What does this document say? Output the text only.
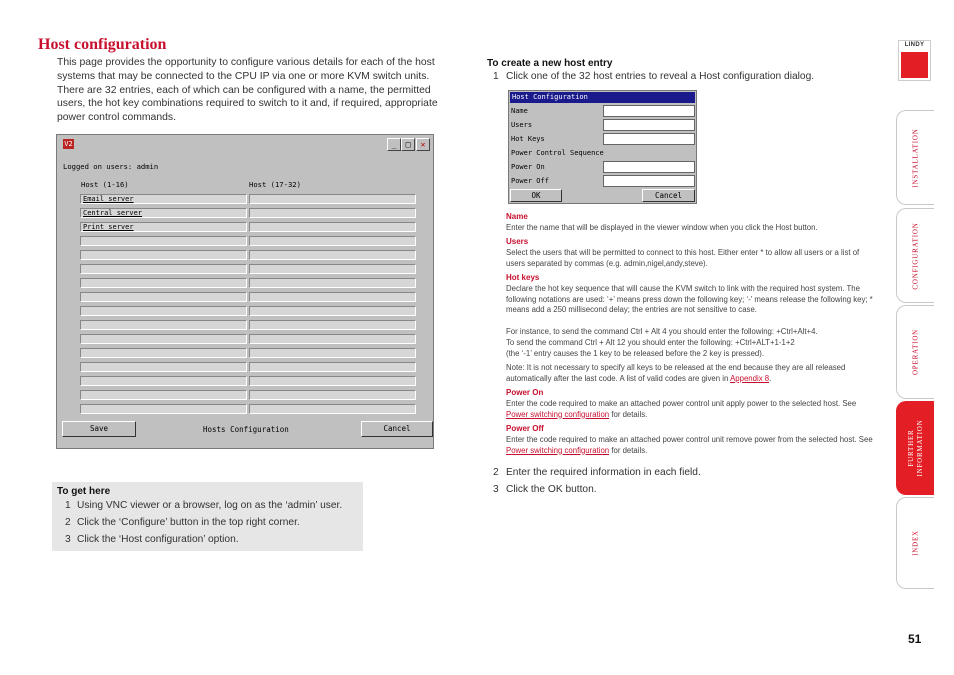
Host configuration
This page provides the opportunity to configure various details for each of the host systems that may be connected to the CPU IP via one or more KVM switch units. There are 32 entries, each of which can be configured with a name, the permitted users, the hot key combinations required to switch to it and, if required, appropriate power control commands.
V2	_	□	✕
Logged on users: admin
Host (1-16)	Host (17-32)
Email server
Central server
Print server
Save	Hosts Configuration	Cancel
To get here
1 Using VNC viewer or a browser, log on as the ‘admin’ user.
2 Click the ‘Configure’ button in the top right corner.
3 Click the ‘Host configuration’ option.
To create a new host entry
1 Click one of the 32 host entries to reveal a Host configuration dialog.
Host Configuration
Name
Users
Hot Keys
Power Control Sequence
Power On
Power Off
OK	Cancel
Name
Enter the name that will be displayed in the viewer window when you click the Host button.
Users
Select the users that will be permitted to connect to this host. Either enter * to allow all users or a list of users separated by commas (e.g. admin,nigel,andy,steve).
Hot keys
Declare the hot key sequence that will cause the KVM switch to link with the required host system. The following notations are used: ‘+’ means press down the following key; ‘-’ means release the following key; * means add a 250 millisecond delay; the entries are not sensitive to case.
For instance, to send the command Ctrl + Alt 4 you should enter the following: +Ctrl+Alt+4.
To send the command Ctrl + Alt 12 you should enter the following: +Ctrl+ALT+1-1+2
(the ‘-1’ entry causes the 1 key to be released before the 2 key is pressed).
Note: It is not necessary to specify all keys to be released at the end because they are all released automatically after the last code. A list of valid codes are given in Appendix 8.
Power On
Enter the code required to make an attached power control unit apply power to the selected host. See Power switching configuration for details.
Power Off
Enter the code required to make an attached power control unit remove power from the selected host. See Power switching configuration for details.
2 Enter the required information in each field.
3 Click the OK button.
LINDY
INSTALLATION
CONFIGURATION
OPERATION
FURTHER INFORMATION
INDEX
51
